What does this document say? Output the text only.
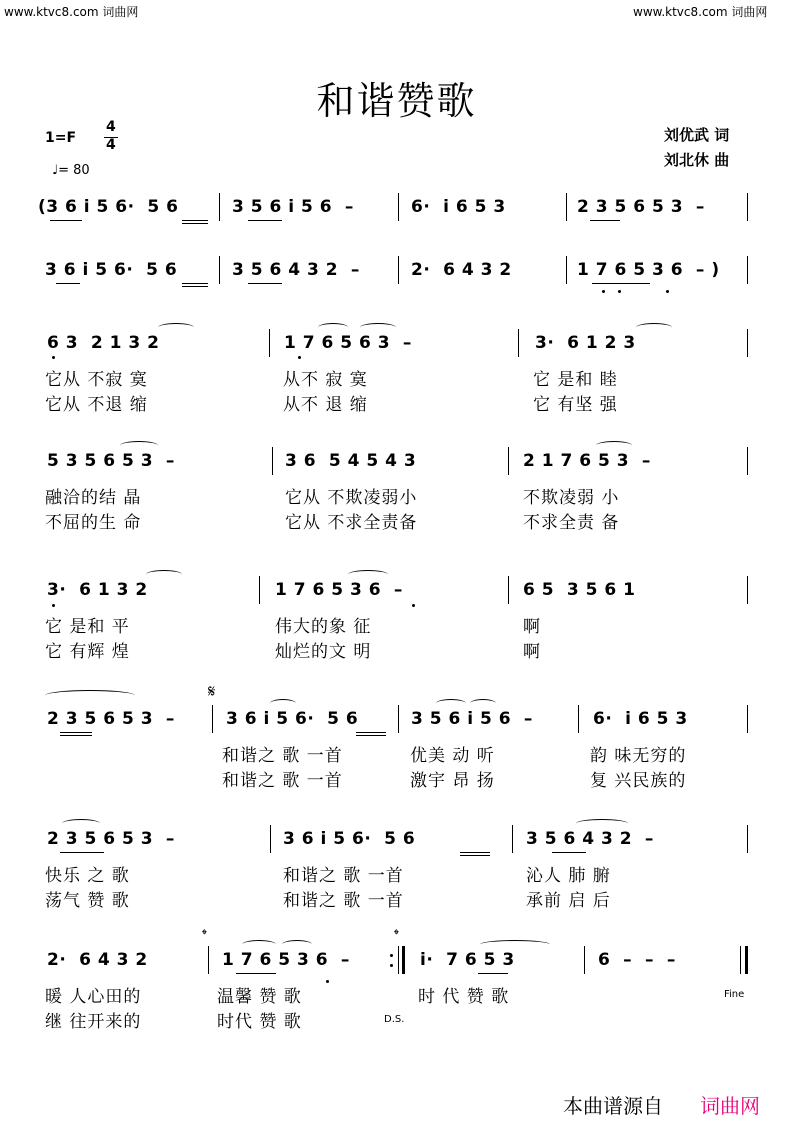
www.ktvc8.com 词曲网	www.ktvc8.com 词曲网
和谐赞歌
1=F
4
4
♩= 80
刘优武 词
刘北休 曲
(3 6 i 5 6·  5 6	3 5 6 i 5 6  –	6·  i 6 5 3	2 3 5 6 5 3  –
3 6 i 5 6·  5 6	3 5 6 4 3 2  –	2·  6 4 3 2	1 7 6 5 3 6  – )
6 3  2 1 3 2	1 7 6 5 6 3  –	3·  6 1 2 3
它从 不寂 寞	从不 寂 寞	它 是和 睦
它从 不退 缩	从不 退 缩	它 有坚 强
5 3 5 6 5 3  –	3 6  5 4 5 4 3	2 1 7 6 5 3  –
融洽的结 晶	它从 不欺凌弱小	不欺凌弱 小
不屈的生 命	它从 不求全责备	不求全责 备
3·  6 1 3 2	1 7 6 5 3 6  –	6 5  3 5 6 1
它 是和 平	伟大的象 征	啊
它 有辉 煌	灿烂的文 明	啊
𝄋
2 3 5 6 5 3  –	3 6 i 5 6·  5 6	3 5 6 i 5 6  –	6·  i 6 5 3
和谐之 歌 一首	优美 动 听	韵 味无穷的
和谐之 歌 一首	激宇 昂 扬	复 兴民族的
2 3 5 6 5 3  –	3 6 i 5 6·  5 6	3 5 6 4 3 2  –
快乐 之 歌	和谐之 歌 一首	沁人 肺 腑
荡气 赞 歌	和谐之 歌 一首	承前 启 后
𝄌	𝄌
2·  6 4 3 2	1 7 6 5 3 6  –	i·  7 6 5 3	6  –  –  –
暖 人心田的	温馨 赞 歌	时 代 赞 歌	Fine
继 往开来的	时代 赞 歌	D.S.
本曲谱源自 词曲网
